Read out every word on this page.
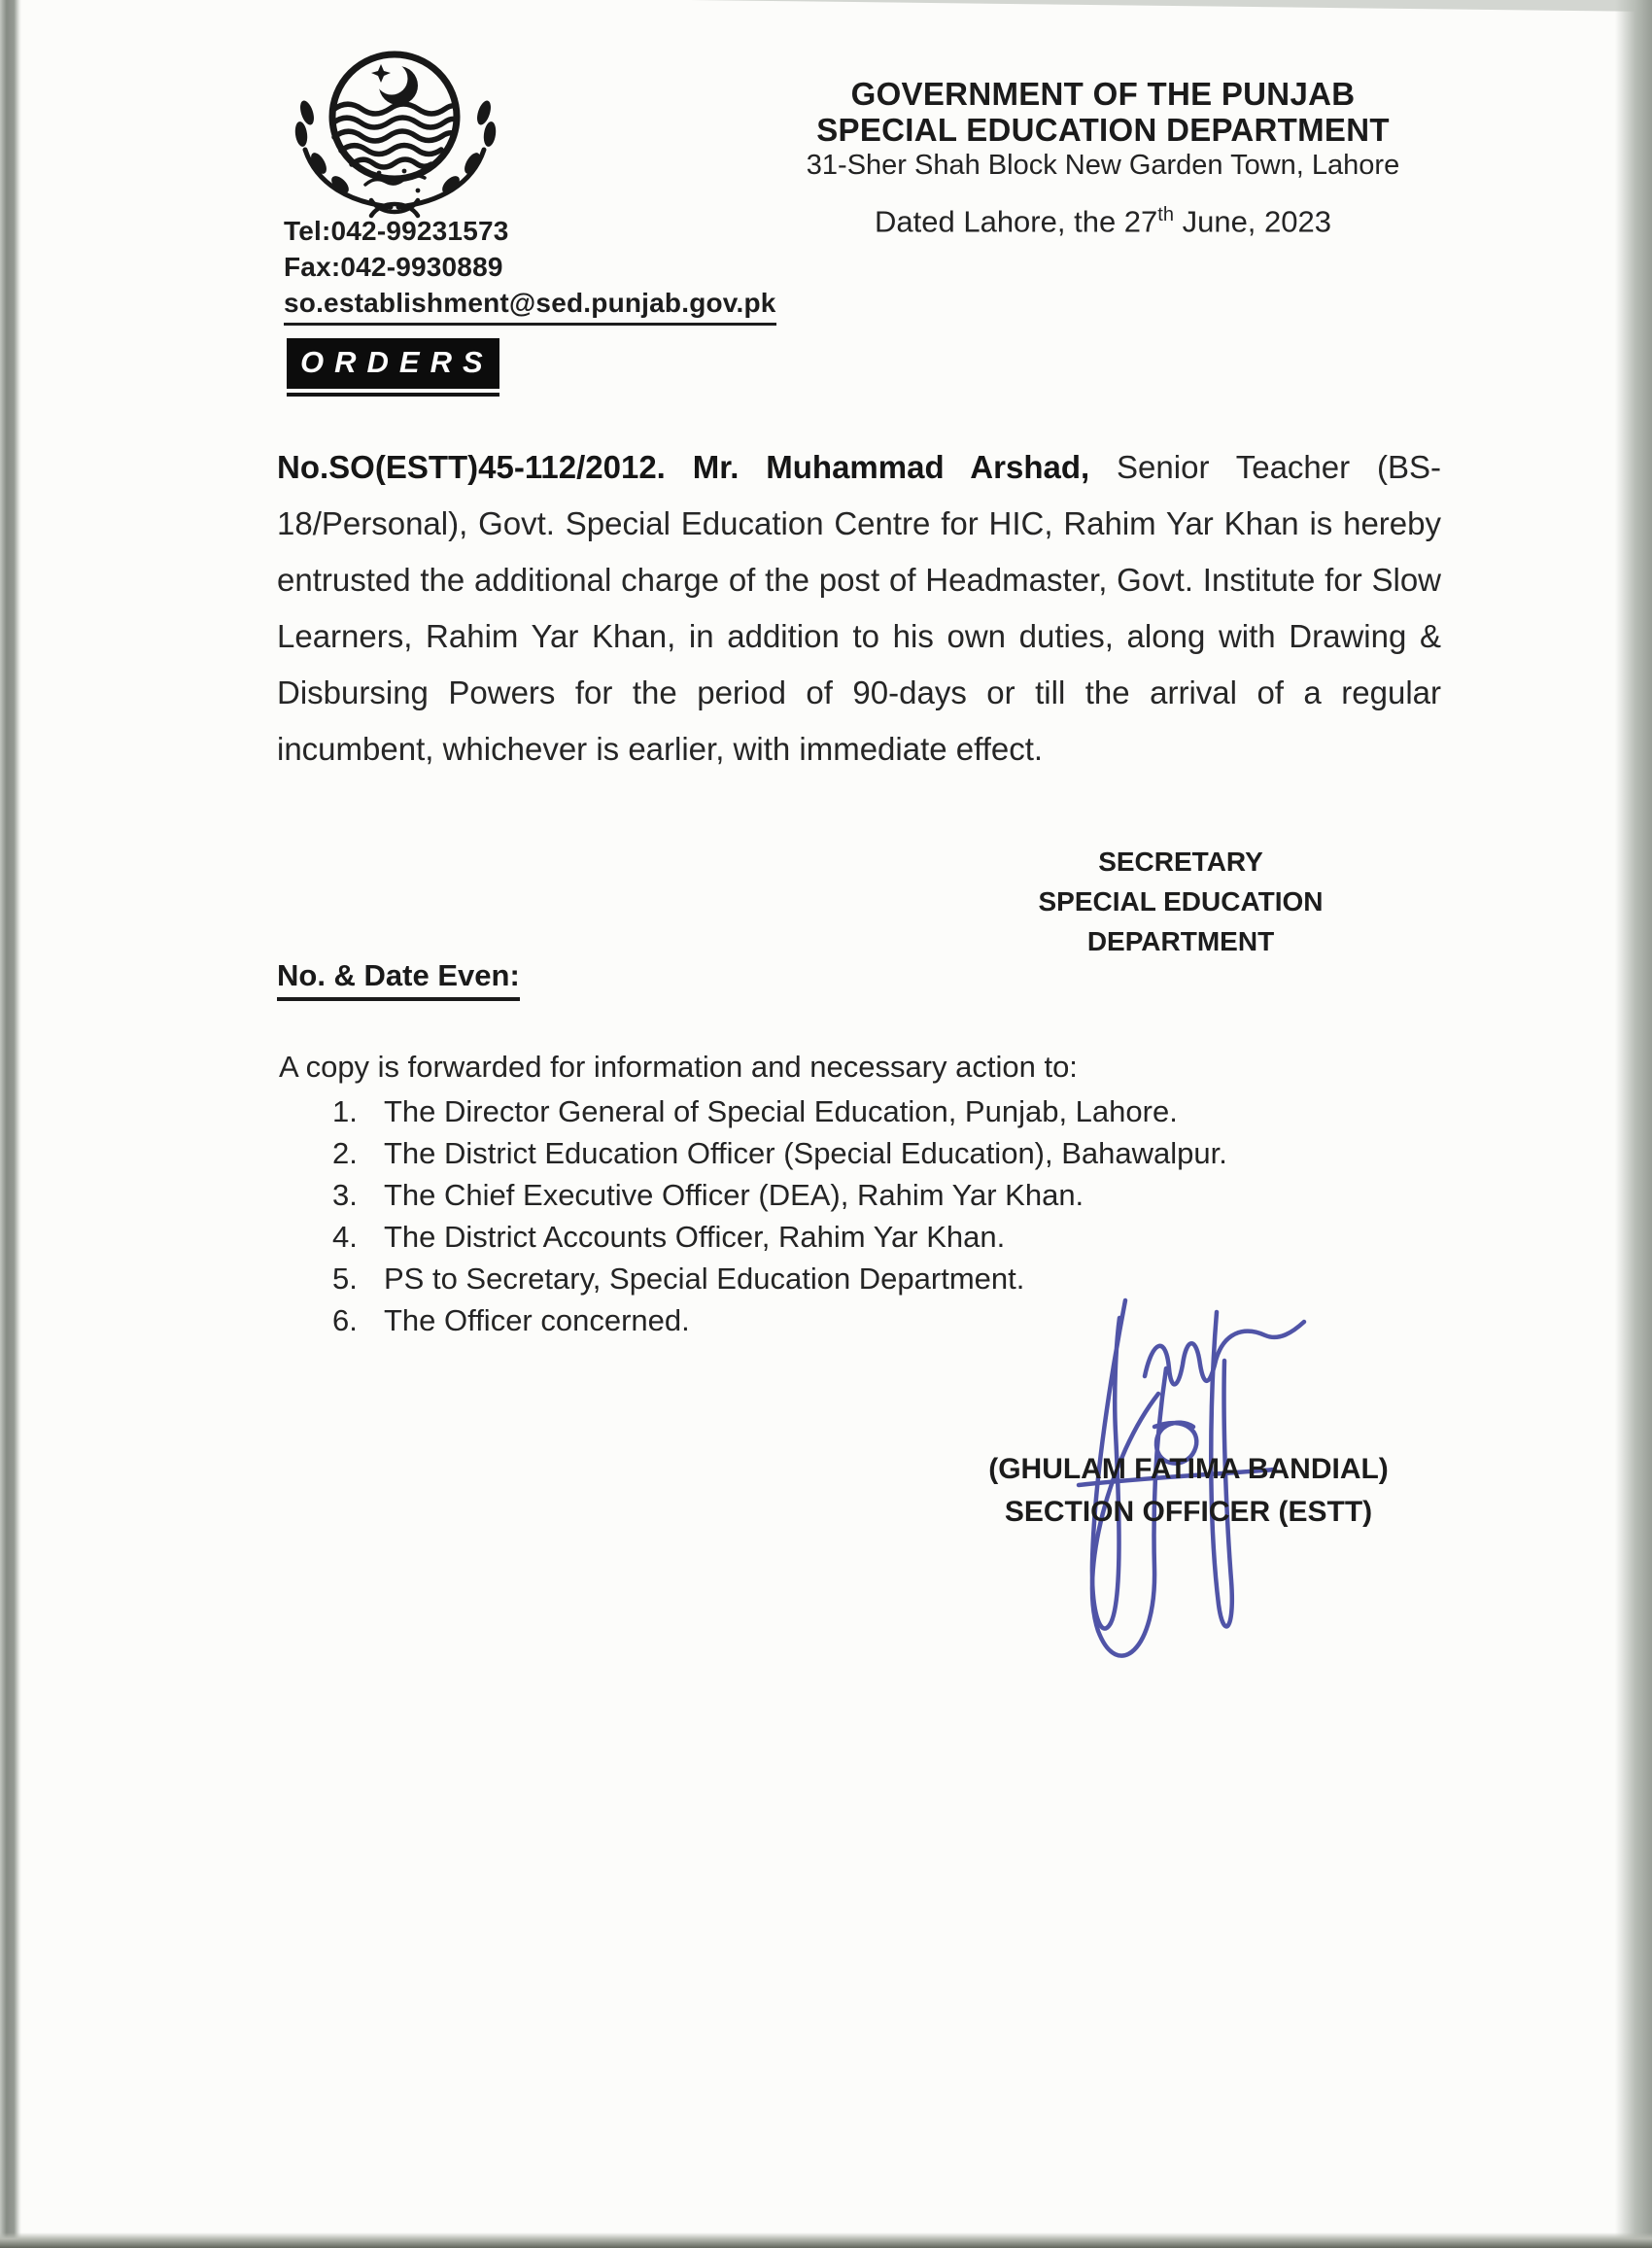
Tel:042-99231573
Fax:042-9930889
so.establishment@sed.punjab.gov.pk
GOVERNMENT OF THE PUNJAB
SPECIAL EDUCATION DEPARTMENT
31-Sher Shah Block New Garden Town, Lahore
Dated Lahore, the 27th June, 2023
ORDERS

No.SO(ESTT)45-112/2012. Mr. Muhammad Arshad, Senior Teacher (BS-18/Personal), Govt. Special Education Centre for HIC, Rahim Yar Khan is hereby entrusted the additional charge of the post of Headmaster, Govt. Institute for Slow Learners, Rahim Yar Khan, in addition to his own duties, along with Drawing & Disbursing Powers for the period of 90-days or till the arrival of a regular incumbent, whichever is earlier, with immediate effect.

SECRETARY
SPECIAL EDUCATION
DEPARTMENT
No. & Date Even:
A copy is forwarded for information and necessary action to:
1. The Director General of Special Education, Punjab, Lahore.
2. The District Education Officer (Special Education), Bahawalpur.
3. The Chief Executive Officer (DEA), Rahim Yar Khan.
4. The District Accounts Officer, Rahim Yar Khan.
5. PS to Secretary, Special Education Department.
6. The Officer concerned.
(GHULAM FATIMA BANDIAL)
SECTION OFFICER (ESTT)
